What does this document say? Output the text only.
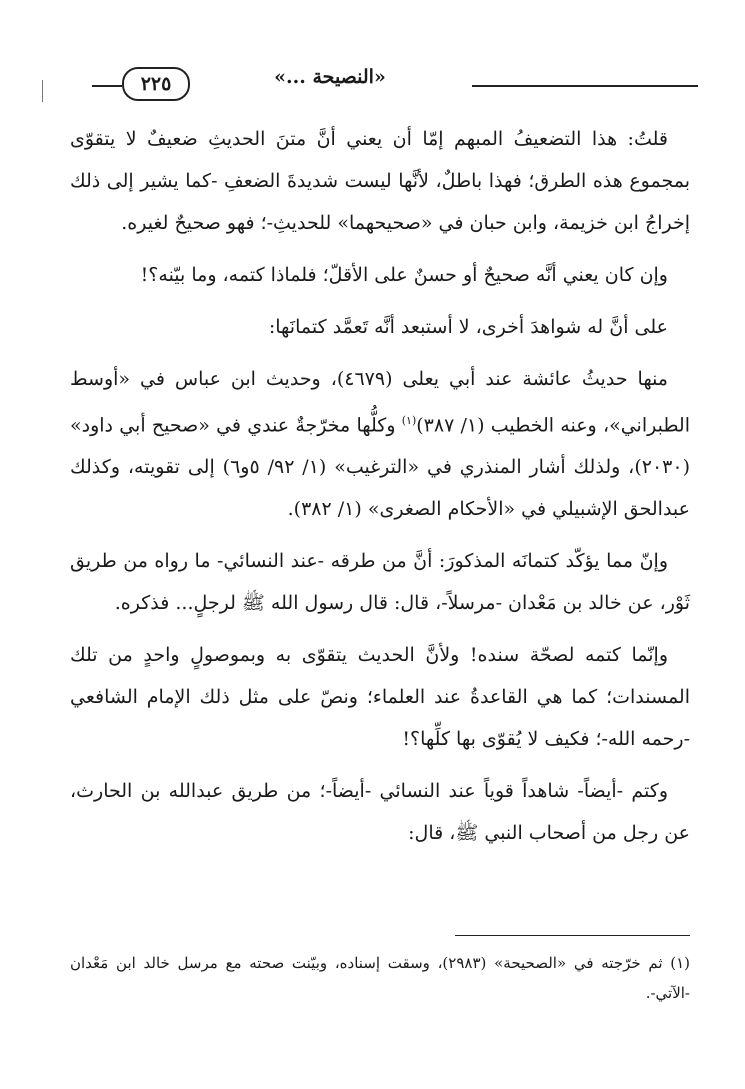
٢٢٥	«النصيحة ...»

قلتُ: هذا التضعيفُ المبهم إمّا أن يعني أنَّ متنَ الحديثِ ضعيفٌ لا يتقوّى بمجموع هذه الطرق؛ فهذا باطلٌ، لأنَّها ليست شديدةَ الضعفِ -كما يشير إلى ذلك إخراجُ ابن خزيمة، وابن حبان في «صحيحهما» للحديثِ-؛ فهو صحيحٌ لغيره.

وإن كان يعني أنَّه صحيحٌ أو حسنٌ على الأقلّ؛ فلماذا كتمه، وما بيّنه؟!

على أنَّ له شواهدَ أخرى، لا أستبعد أنَّه تَعمَّد كتمانَها:

منها حديثُ عائشة عند أبي يعلى (٤٦٧٩)، وحديث ابن عباس في «أوسط الطبراني»، وعنه الخطيب (١/ ٣٨٧)$^{(١)}$ وكلُّها مخرّجةٌ عندي في «صحيح أبي داود» (٢٠٣٠)، ولذلك أشار المنذري في «الترغيب» (١/ ٩٢/ ٥و٦) إلى تقويته، وكذلك عبدالحق الإشبيلي في «الأحكام الصغرى» (١/ ٣٨٢).

وإنّ مما يؤكّد كتمانَه المذكورَ: أنَّ من طرقه -عند النسائي- ما رواه من طريق ثَوْر، عن خالد بن مَعْدان -مرسلاً-، قال: قال رسول الله ﷺ لرجلٍ... فذكره.

وإنّما كتمه لصحّة سنده! ولأنَّ الحديث يتقوّى به وبموصولٍ واحدٍ من تلك المسندات؛ كما هي القاعدةُ عند العلماء؛ ونصّ على مثل ذلك الإمام الشافعي -رحمه الله-؛ فكيف لا يُقوّى بها كلِّها؟!

وكتم -أيضاً- شاهداً قوياً عند النسائي -أيضاً-؛ من طريق عبدالله بن الحارث، عن رجل من أصحاب النبي ﷺ، قال:

(١) ثم خرّجته في «الصحيحة» (٢٩٨٣)، وسقت إسناده، وبيّنت صحته مع مرسل خالد ابن مَعْدان -الآتي-.
